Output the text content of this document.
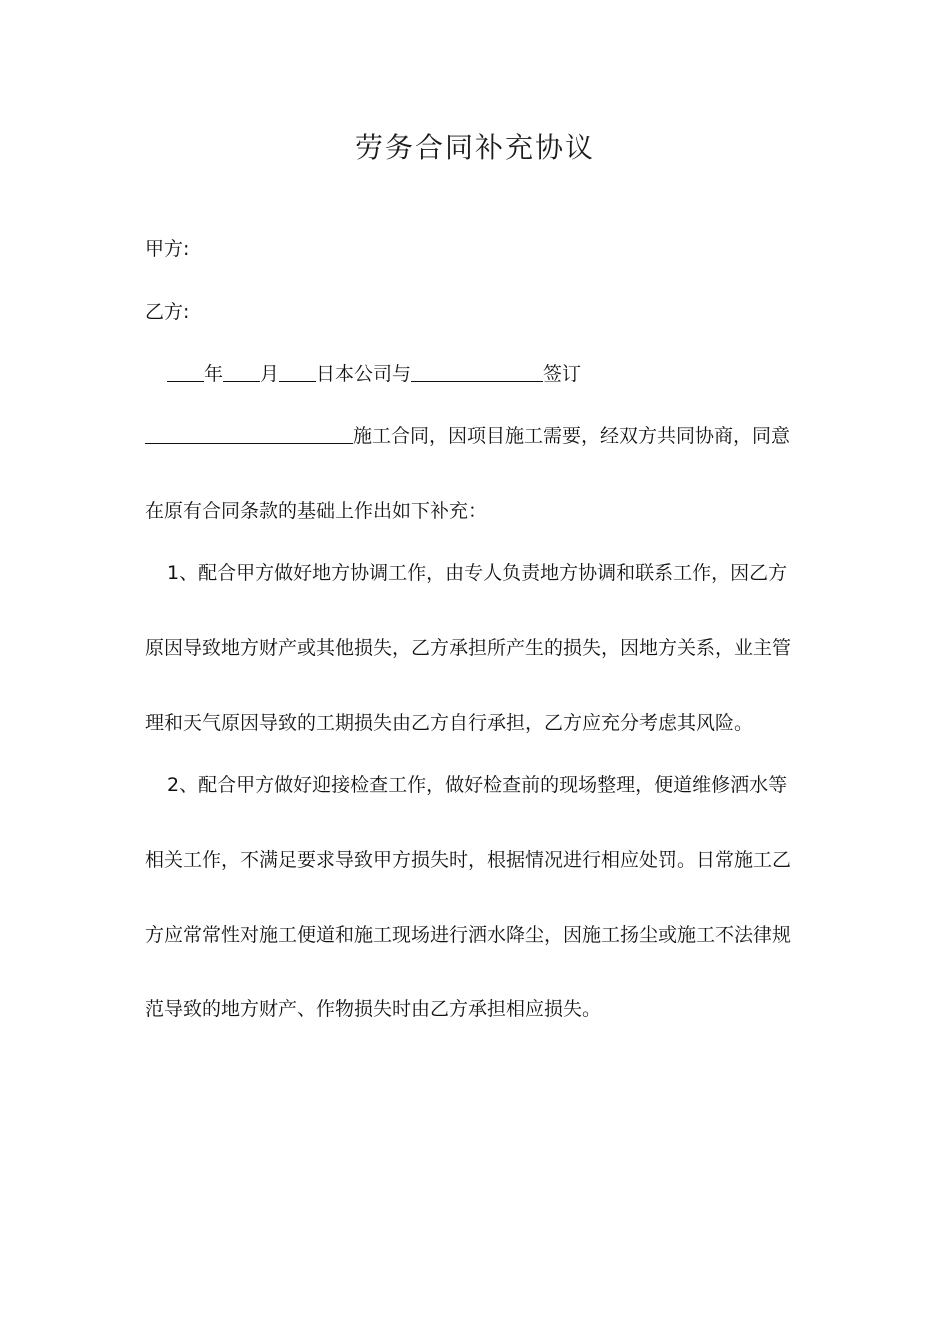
劳务合同补充协议
甲方:
乙方:
年 月 日本公司与	签订
施工合同，因项目施工需要，经双方共同协商，同意
在原有合同条款的基础上作出如下补充：
1、配合甲方做好地方协调工作，由专人负责地方协调和联系工作，因乙方
原因导致地方财产或其他损失，乙方承担所产生的损失，因地方关系，业主管
理和天气原因导致的工期损失由乙方自行承担，乙方应充分考虑其风险。
2、配合甲方做好迎接检查工作，做好检查前的现场整理，便道维修洒水等
相关工作，不满足要求导致甲方损失时，根据情况进行相应处罚。日常施工乙
方应常常性对施工便道和施工现场进行洒水降尘，因施工扬尘或施工不法律规
范导致的地方财产、作物损失时由乙方承担相应损失。
